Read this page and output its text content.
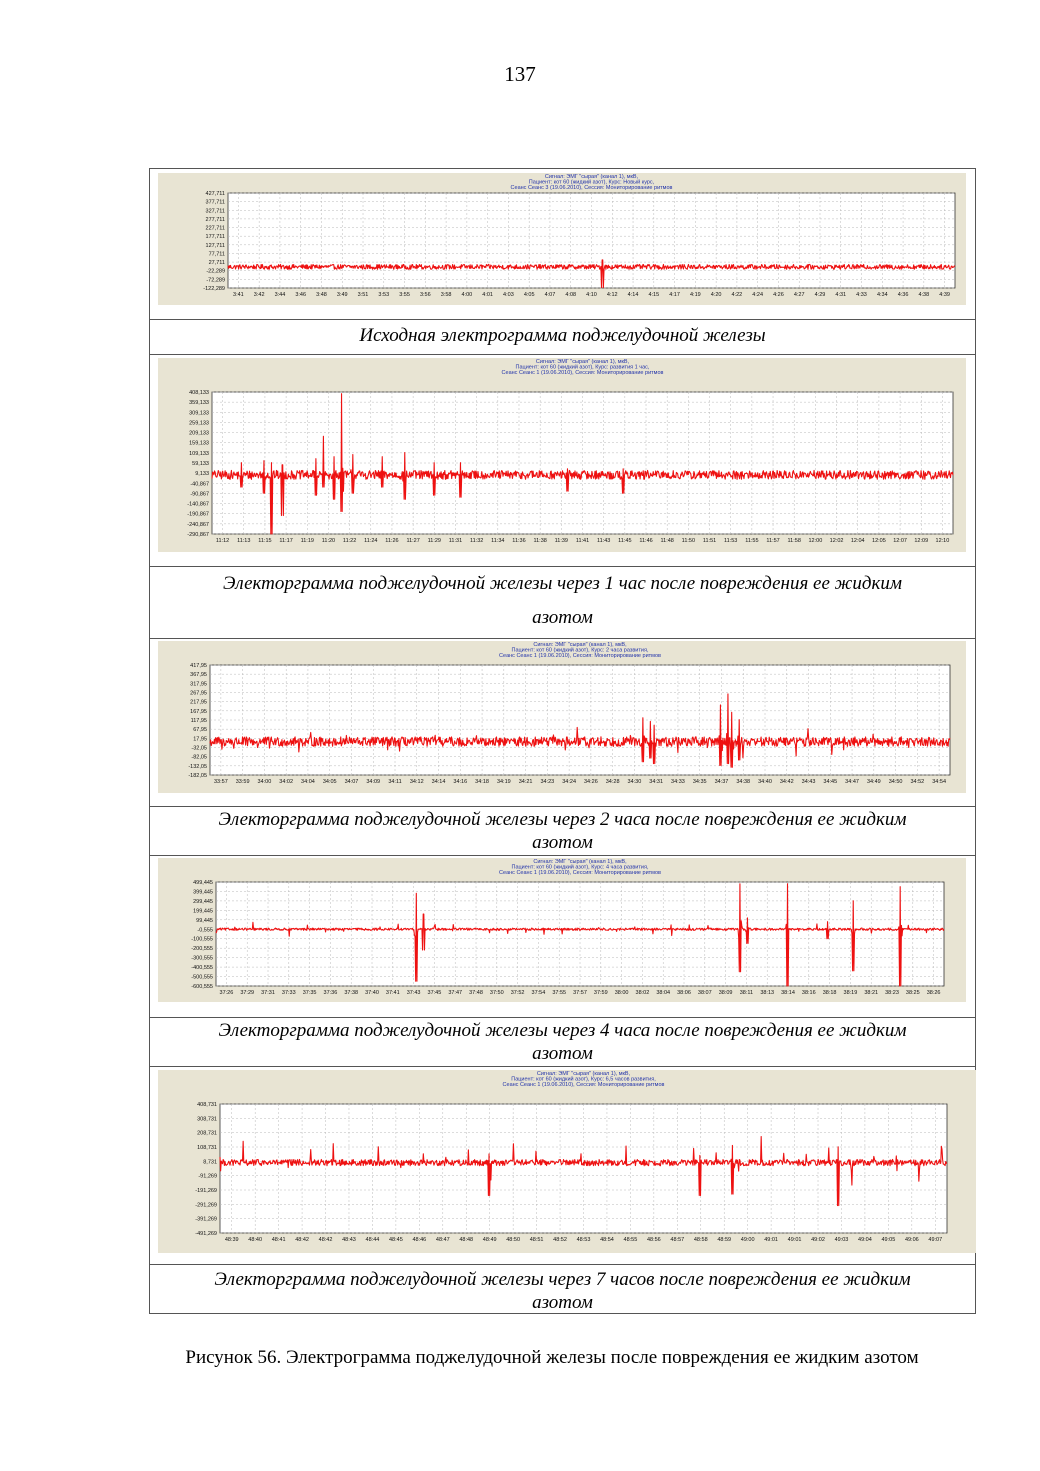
137
Сигнал: ЭМГ "сырая" (канал 1), мкВ,
Пациент: кот 60 (жидкий азот), Курс: Новый курс,
Сеанс Сеанс 3 (19.06.2010), Сессия: Мониторирование ритмов
427,711
377,711
327,711
277,711
227,711
177,711
127,711
77,711
27,711
-22,289
-72,289
-122,289
3:41 3:42 3:44 3:46 3:48 3:49 3:51 3:53 3:55 3:56 3:58 4:00 4:01 4:03 4:05 4:07 4:08 4:10 4:12 4:14 4:15 4:17 4:19 4:20 4:22 4:24 4:26 4:27 4:29 4:31 4:33 4:34 4:36 4:38 4:39
Исходная электрограмма поджелудочной железы
Сигнал: ЭМГ "сырая" (канал 1), мкВ,
Пациент: кот 60 (жидкий азот), Курс: развития 1 час,
Сеанс Сеанс 1 (19.06.2010), Сессия: Мониторирование ритмов
408,133
359,133
309,133
259,133
209,133
159,133
109,133
59,133
9,133
-40,867
-90,867
-140,867
-190,867
-240,867
-290,867
11:12 11:13 11:15 11:17 11:19 11:20 11:22 11:24 11:26 11:27 11:29 11:31 11:32 11:34 11:36 11:38 11:39 11:41 11:43 11:45 11:46 11:48 11:50 11:51 11:53 11:55 11:57 11:58 12:00 12:02 12:04 12:05 12:07 12:09 12:10
Электорграмма поджелудочной железы через 1 час после повреждения ее жидким
азотом
Сигнал: ЭМГ "сырая" (канал 1), мкВ,
Пациент: кот 60 (жидкий азот), Курс: 2 часа развития,
Сеанс Сеанс 1 (19.06.2010), Сессия: Мониторирование ритмов
417,95
367,95
317,95
267,95
217,95
167,95
117,95
67,95
17,95
-32,05
-82,05
-132,05
-182,05
33:57 33:59 34:00 34:02 34:04 34:05 34:07 34:09 34:11 34:12 34:14 34:16 34:18 34:19 34:21 34:23 34:24 34:26 34:28 34:30 34:31 34:33 34:35 34:37 34:38 34:40 34:42 34:43 34:45 34:47 34:49 34:50 34:52 34:54
Электорграмма поджелудочной железы через 2 часа после повреждения ее жидким
азотом
Сигнал: ЭМГ "сырая" (канал 1), мкВ,
Пациент: кот 60 (жидкий азот), Курс: 4 часа развития,
Сеанс Сеанс 1 (19.06.2010), Сессия: Мониторирование ритмов
499,445
399,445
299,445
199,445
99,445
-0,555
-100,555
-200,555
-300,555
-400,555
-500,555
-600,555
37:26 37:29 37:31 37:33 37:35 37:36 37:38 37:40 37:41 37:43 37:45 37:47 37:48 37:50 37:52 37:54 37:55 37:57 37:59 38:00 38:02 38:04 38:06 38:07 38:09 38:11 38:13 38:14 38:16 38:18 38:19 38:21 38:23 38:25 38:26
Электорграмма поджелудочной железы через 4 часа после повреждения ее жидким
азотом
Сигнал: ЭМГ "сырая" (канал 1), мкВ,
Пациент: кот 60 (жидкий азот), Курс: 6,5 часов развития,
Сеанс Сеанс 1 (19.06.2010), Сессия: Мониторирование ритмов
408,731
308,731
208,731
108,731
8,731
-91,269
-191,269
-291,269
-391,269
-491,269
48:39 48:40 48:41 48:42 48:42 48:43 48:44 48:45 48:46 48:47 48:48 48:49 48:50 48:51 48:52 48:53 48:54 48:55 48:56 48:57 48:58 48:59 49:00 49:01 49:01 49:02 49:03 49:04 49:05 49:06 49:07
Электорграмма поджелудочной железы через 7 часов после повреждения ее жидким
азотом
Рисунок 56. Электрограмма поджелудочной железы после повреждения ее жидким азотом
